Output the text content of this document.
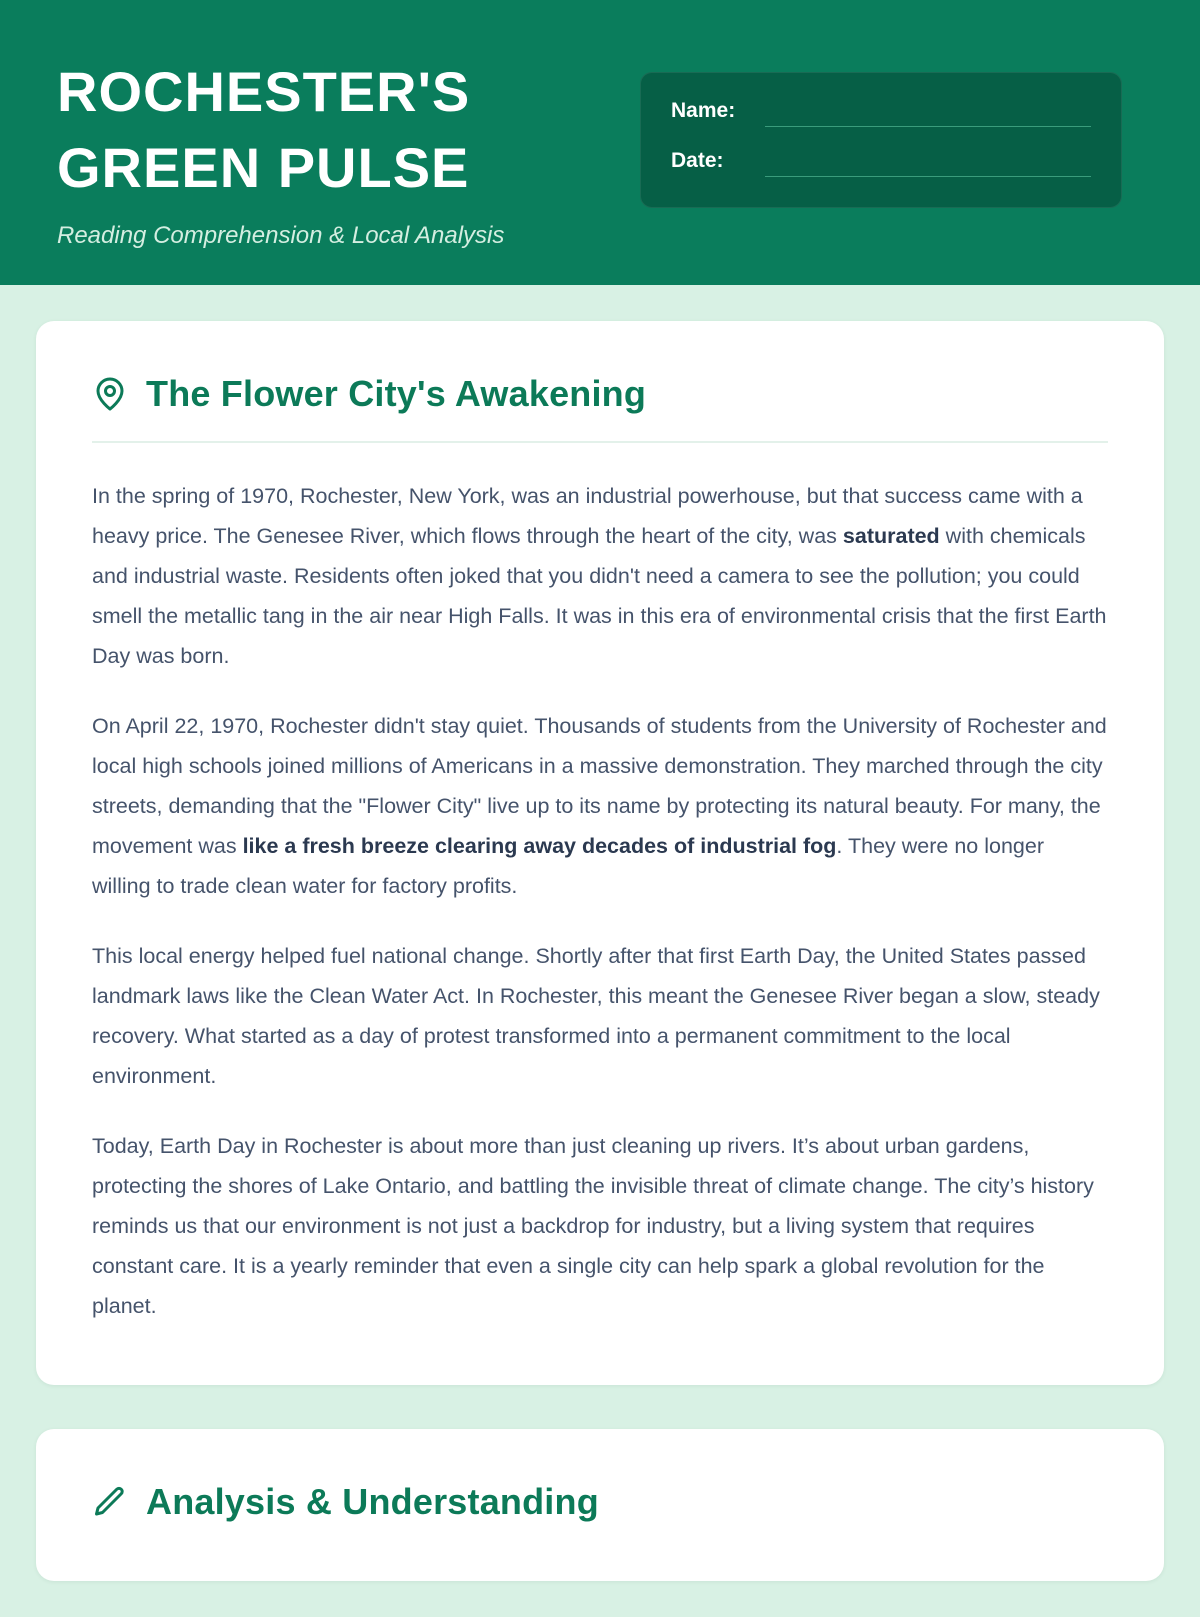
ROCHESTER'S
GREEN PULSE
Reading Comprehension & Local Analysis
Name:
Date:
The Flower City's Awakening

In the spring of 1970, Rochester, New York, was an industrial powerhouse, but that success came with a heavy price. The Genesee River, which flows through the heart of the city, was saturated with chemicals and industrial waste. Residents often joked that you didn't need a camera to see the pollution; you could smell the metallic tang in the air near High Falls. It was in this era of environmental crisis that the first Earth Day was born.

On April 22, 1970, Rochester didn't stay quiet. Thousands of students from the University of Rochester and local high schools joined millions of Americans in a massive demonstration. They marched through the city streets, demanding that the "Flower City" live up to its name by protecting its natural beauty. For many, the movement was like a fresh breeze clearing away decades of industrial fog. They were no longer willing to trade clean water for factory profits.

This local energy helped fuel national change. Shortly after that first Earth Day, the United States passed landmark laws like the Clean Water Act. In Rochester, this meant the Genesee River began a slow, steady recovery. What started as a day of protest transformed into a permanent commitment to the local environment.

Today, Earth Day in Rochester is about more than just cleaning up rivers. It’s about urban gardens, protecting the shores of Lake Ontario, and battling the invisible threat of climate change. The city’s history reminds us that our environment is not just a backdrop for industry, but a living system that requires constant care. It is a yearly reminder that even a single city can help spark a global revolution for the planet.

Analysis & Understanding
